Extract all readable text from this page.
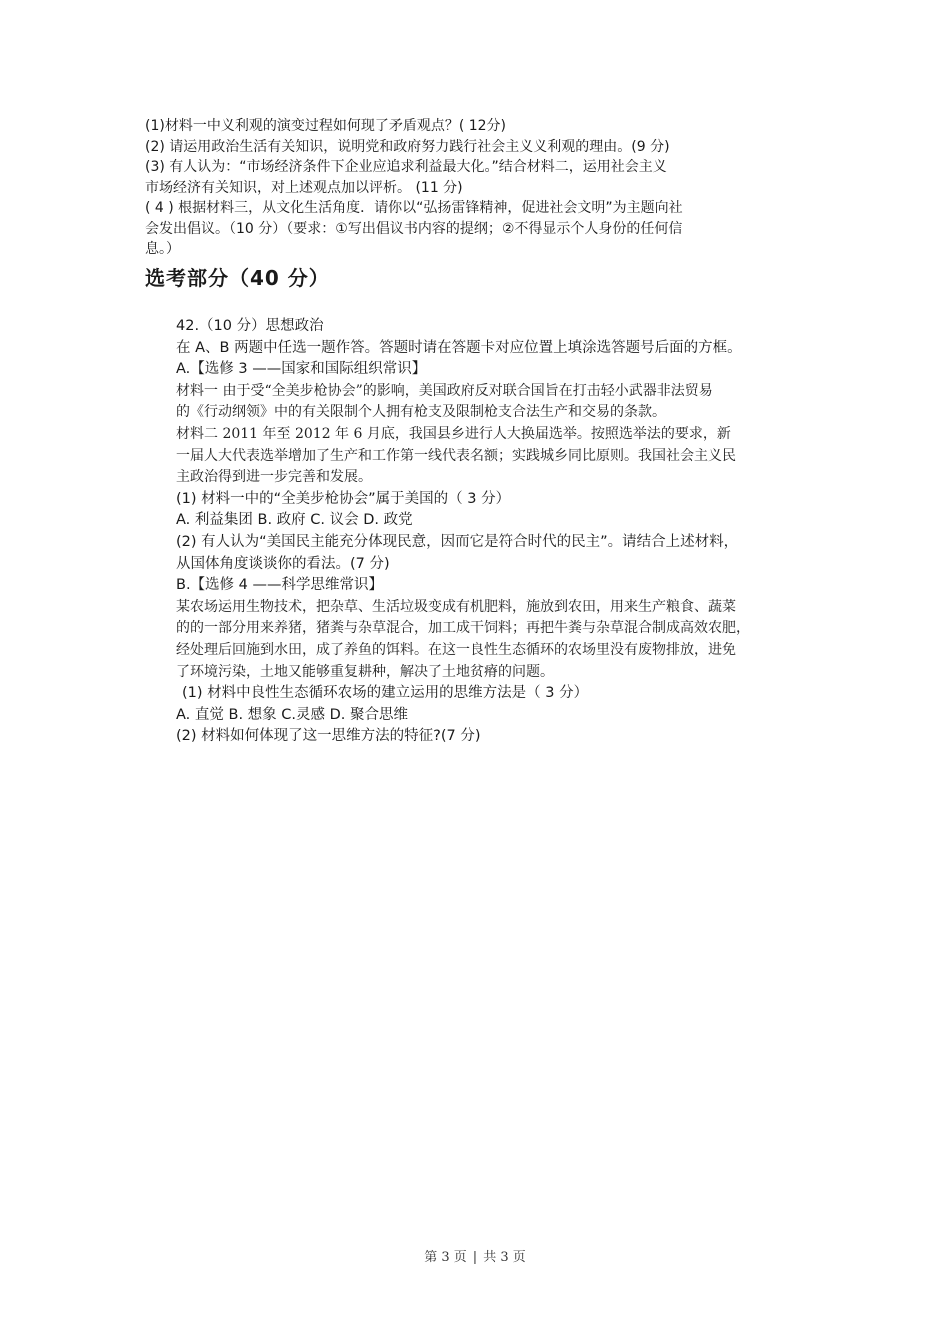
(1)材料一中义利观的演变过程如何现了矛盾观点？( 12分)

(2) 请运用政治生活有关知识，说明党和政府努力践行社会主义义利观的理由。(9 分)

(3) 有人认为：“市场经济条件下企业应追求利益最大化。”结合材料二，运用社会主义

市场经济有关知识，对上述观点加以评析。 (11 分)

( 4 ) 根据材料三，从文化生活角度．请你以“弘扬雷锋精神，促进社会文明”为主题向社

会发出倡议。（10 分）（要求：①写出倡议书内容的提纲；②不得显示个人身份的任何信

息。）

选考部分（40 分）

42.（10 分）思想政治

在 A、B 两题中任选一题作答。答题时请在答题卡对应位置上填涂选答题号后面的方框。

A.【选修 3 ——国家和国际组织常识】

材料一 由于受“全美步枪协会”的影响，美国政府反对联合国旨在打击轻小武器非法贸易

的《行动纲领》中的有关限制个人拥有枪支及限制枪支合法生产和交易的条款。

材料二 2011 年至 2012 年 6 月底，我国县乡进行人大换届选举。按照选举法的要求，新

一届人大代表选举增加了生产和工作第一线代表名额；实践城乡同比原则。我国社会主义民

主政治得到进一步完善和发展。

(1) 材料一中的“全美步枪协会”属于美国的（ 3 分）

A. 利益集团 B. 政府 C. 议会 D. 政党

(2) 有人认为“美国民主能充分体现民意，因而它是符合时代的民主”。请结合上述材料，

从国体角度谈谈你的看法。(7 分)

B.【选修 4 ——科学思维常识】

某农场运用生物技术，把杂草、生活垃圾变成有机肥料，施放到农田，用来生产粮食、蔬菜

的的一部分用来养猪，猪粪与杂草混合，加工成干饲料；再把牛粪与杂草混合制成高效农肥，

经处理后回施到水田，成了养鱼的饵料。在这一良性生态循环的农场里没有废物排放，进免

了环境污染，土地又能够重复耕种，解决了土地贫瘠的问题。

(1) 材料中良性生态循环农场的建立运用的思维方法是（ 3 分）

A. 直觉 B. 想象 C.灵感 D. 聚合思维

(2) 材料如何体现了这一思维方法的特征?(7 分)

第 3 页 | 共 3 页
